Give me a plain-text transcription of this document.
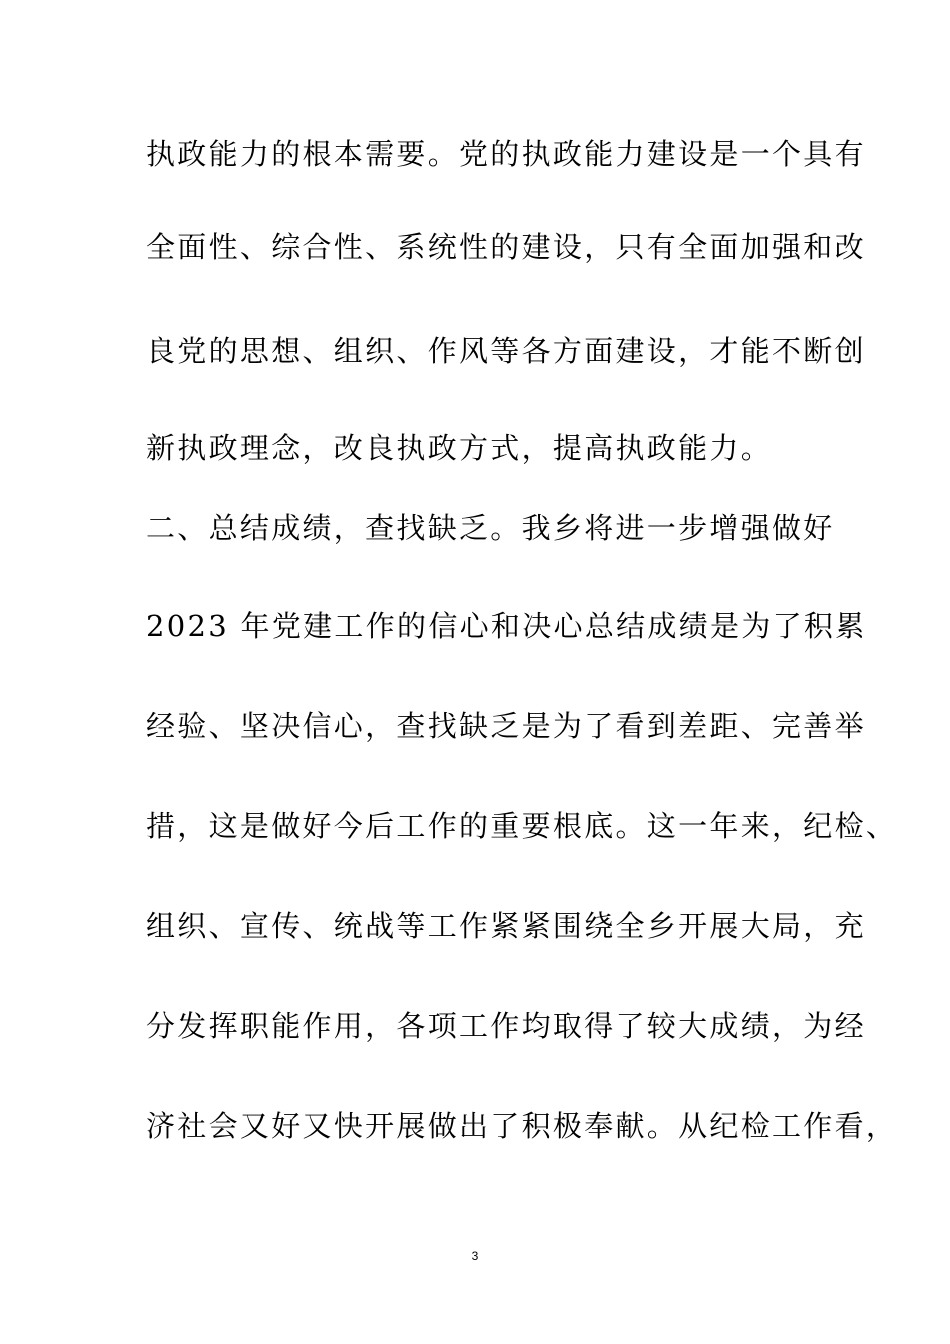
执政能力的根本需要。党的执政能力建设是一个具有
全面性、综合性、系统性的建设，只有全面加强和改
良党的思想、组织、作风等各方面建设，才能不断创
新执政理念，改良执政方式，提高执政能力。
二、总结成绩，查找缺乏。我乡将进一步增强做好
2023 年党建工作的信心和决心总结成绩是为了积累
经验、坚决信心，查找缺乏是为了看到差距、完善举
措，这是做好今后工作的重要根底。这一年来，纪检、
组织、宣传、统战等工作紧紧围绕全乡开展大局，充
分发挥职能作用，各项工作均取得了较大成绩，为经
济社会又好又快开展做出了积极奉献。从纪检工作看，
3
